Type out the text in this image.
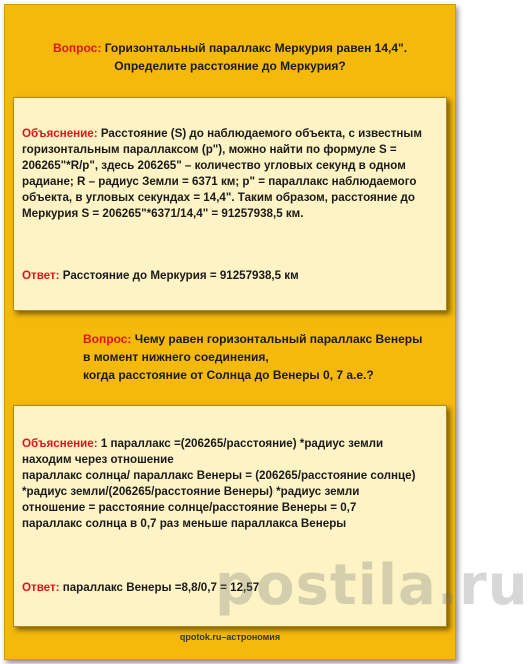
Вопрос: Горизонтальный параллакс Меркурия равен 14,4".
Определите расстояние до Меркурия?
Объяснение: Расстояние (S) до наблюдаемого объекта, с известным
горизонтальным параллаксом (p"), можно найти по формуле S =
206265"*R/p", здесь 206265" – количество угловых секунд в одном
радиане; R – радиус Земли = 6371 км; p" = параллакс наблюдаемого
объекта, в угловых секундах = 14,4". Таким образом, расстояние до
Меркурия S = 206265"*6371/14,4" = 91257938,5 км.
Ответ: Расстояние до Меркурия = 91257938,5 км
Вопрос: Чему равен горизонтальный параллакс Венеры
в момент нижнего соединения,
когда расстояние от Солнца до Венеры 0, 7 а.е.?
Объяснение: 1 параллакс =(206265/расстояние) *радиус земли
находим через отношение
параллакс солнца/ параллакс Венеры = (206265/расстояние солнце)
*радиус земли/(206265/расстояние Венеры) *радиус земли
отношение = расстояние солнце/расстояние Венеры = 0,7
параллакс солнца в 0,7 раз меньше параллакса Венеры
Ответ: параллакс Венеры =8,8/0,7 = 12,57
postila.ru
qpotok.ru–астрономия
